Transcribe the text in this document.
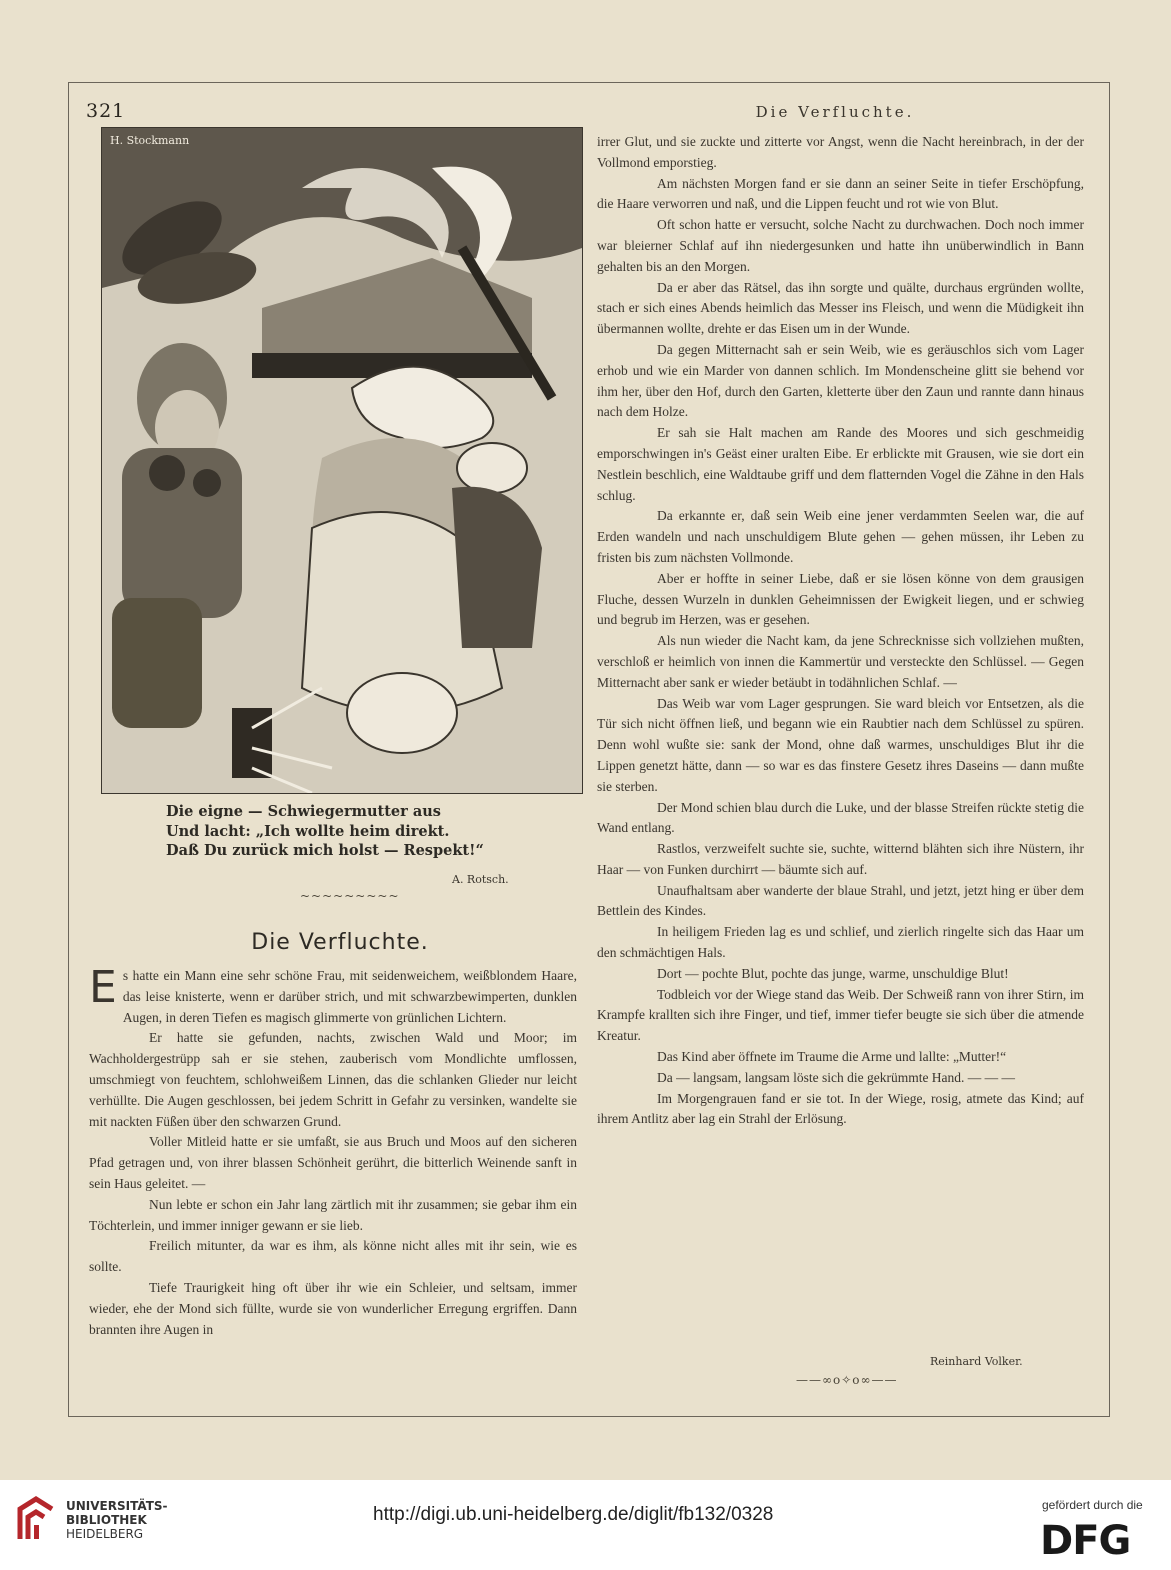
321	Die Verfluchte.
H. Stockmann
Die eigne — Schwiegermutter aus
Und lacht: „Ich wollte heim direkt.
Daß Du zurück mich holst — Respekt!“
A. Rotsch.
~~~~~~~~~
Die Verfluchte.

Es hatte ein Mann eine sehr schöne Frau, mit seidenweichem, weißblondem Haare, das leise knisterte, wenn er darüber strich, und mit schwarzbewimperten, dunklen Augen, in deren Tiefen es magisch glimmerte von grünlichen Lichtern.

Er hatte sie gefunden, nachts, zwischen Wald und Moor; im Wachholdergestrüpp sah er sie stehen, zauberisch vom Mondlichte umflossen, umschmiegt von feuchtem, schlohweißem Linnen, das die schlanken Glieder nur leicht verhüllte. Die Augen geschlossen, bei jedem Schritt in Gefahr zu versinken, wandelte sie mit nackten Füßen über den schwarzen Grund.

Voller Mitleid hatte er sie umfaßt, sie aus Bruch und Moos auf den sicheren Pfad getragen und, von ihrer blassen Schönheit gerührt, die bitterlich Weinende sanft in sein Haus geleitet. —

Nun lebte er schon ein Jahr lang zärtlich mit ihr zusammen; sie gebar ihm ein Töchterlein, und immer inniger gewann er sie lieb.

Freilich mitunter, da war es ihm, als könne nicht alles mit ihr sein, wie es sollte.

Tiefe Traurigkeit hing oft über ihr wie ein Schleier, und seltsam, immer wieder, ehe der Mond sich füllte, wurde sie von wunderlicher Erregung ergriffen. Dann brannten ihre Augen in

irrer Glut, und sie zuckte und zitterte vor Angst, wenn die Nacht hereinbrach, in der der Vollmond emporstieg.

Am nächsten Morgen fand er sie dann an seiner Seite in tiefer Erschöpfung, die Haare verworren und naß, und die Lippen feucht und rot wie von Blut.

Oft schon hatte er versucht, solche Nacht zu durchwachen. Doch noch immer war bleierner Schlaf auf ihn niedergesunken und hatte ihn unüberwindlich in Bann gehalten bis an den Morgen.

Da er aber das Rätsel, das ihn sorgte und quälte, durchaus ergründen wollte, stach er sich eines Abends heimlich das Messer ins Fleisch, und wenn die Müdigkeit ihn übermannen wollte, drehte er das Eisen um in der Wunde.

Da gegen Mitternacht sah er sein Weib, wie es geräuschlos sich vom Lager erhob und wie ein Marder von dannen schlich. Im Mondenscheine glitt sie behend vor ihm her, über den Hof, durch den Garten, kletterte über den Zaun und rannte dann hinaus nach dem Holze.

Er sah sie Halt machen am Rande des Moores und sich geschmeidig emporschwingen in's Geäst einer uralten Eibe. Er erblickte mit Grausen, wie sie dort ein Nestlein beschlich, eine Waldtaube griff und dem flatternden Vogel die Zähne in den Hals schlug.

Da erkannte er, daß sein Weib eine jener verdammten Seelen war, die auf Erden wandeln und nach unschuldigem Blute gehen — gehen müssen, ihr Leben zu fristen bis zum nächsten Vollmonde.

Aber er hoffte in seiner Liebe, daß er sie lösen könne von dem grausigen Fluche, dessen Wurzeln in dunklen Geheimnissen der Ewigkeit liegen, und er schwieg und begrub im Herzen, was er gesehen.

Als nun wieder die Nacht kam, da jene Schrecknisse sich vollziehen mußten, verschloß er heimlich von innen die Kammertür und versteckte den Schlüssel. — Gegen Mitternacht aber sank er wieder betäubt in todähnlichen Schlaf. —

Das Weib war vom Lager gesprungen. Sie ward bleich vor Entsetzen, als die Tür sich nicht öffnen ließ, und begann wie ein Raubtier nach dem Schlüssel zu spüren. Denn wohl wußte sie: sank der Mond, ohne daß warmes, unschuldiges Blut ihr die Lippen genetzt hätte, dann — so war es das finstere Gesetz ihres Daseins — dann mußte sie sterben.

Der Mond schien blau durch die Luke, und der blasse Streifen rückte stetig die Wand entlang.

Rastlos, verzweifelt suchte sie, suchte, witternd blähten sich ihre Nüstern, ihr Haar — von Funken durchirrt — bäumte sich auf.

Unaufhaltsam aber wanderte der blaue Strahl, und jetzt, jetzt hing er über dem Bettlein des Kindes.

In heiligem Frieden lag es und schlief, und zierlich ringelte sich das Haar um den schmächtigen Hals.

Dort — pochte Blut, pochte das junge, warme, unschuldige Blut!

Todbleich vor der Wiege stand das Weib. Der Schweiß rann von ihrer Stirn, im Krampfe krallten sich ihre Finger, und tief, immer tiefer beugte sie sich über die atmende Kreatur.

Das Kind aber öffnete im Traume die Arme und lallte: „Mutter!“

Da — langsam, langsam löste sich die gekrümmte Hand. — — —

Im Morgengrauen fand er sie tot. In der Wiege, rosig, atmete das Kind; auf ihrem Antlitz aber lag ein Strahl der Erlösung.

Reinhard Volker.
——∞ο✧ο∞——
UNIVERSITÄTS-
BIBLIOTHEK
HEIDELBERG
http://digi.ub.uni-heidelberg.de/diglit/fb132/0328	gefördert durch die
DFG
